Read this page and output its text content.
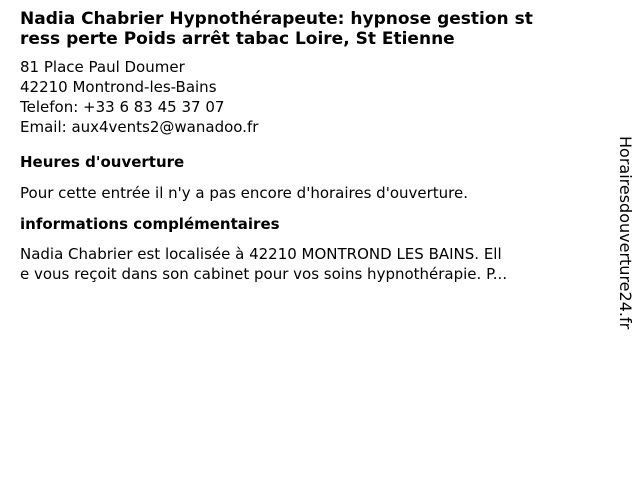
Nadia Chabrier Hypnothérapeute: hypnose gestion st
ress perte Poids arrêt tabac Loire, St Etienne
81 Place Paul Doumer
42210 Montrond-les-Bains
Telefon: +33 6 83 45 37 07
Email: aux4vents2@wanadoo.fr
Heures d'ouverture
Pour cette entrée il n'y a pas encore d'horaires d'ouverture.
informations complémentaires
Nadia Chabrier est localisée à 42210 MONTROND LES BAINS. Ell
e vous reçoit dans son cabinet pour vos soins hypnothérapie. P...	Horairesdouverture24.fr
